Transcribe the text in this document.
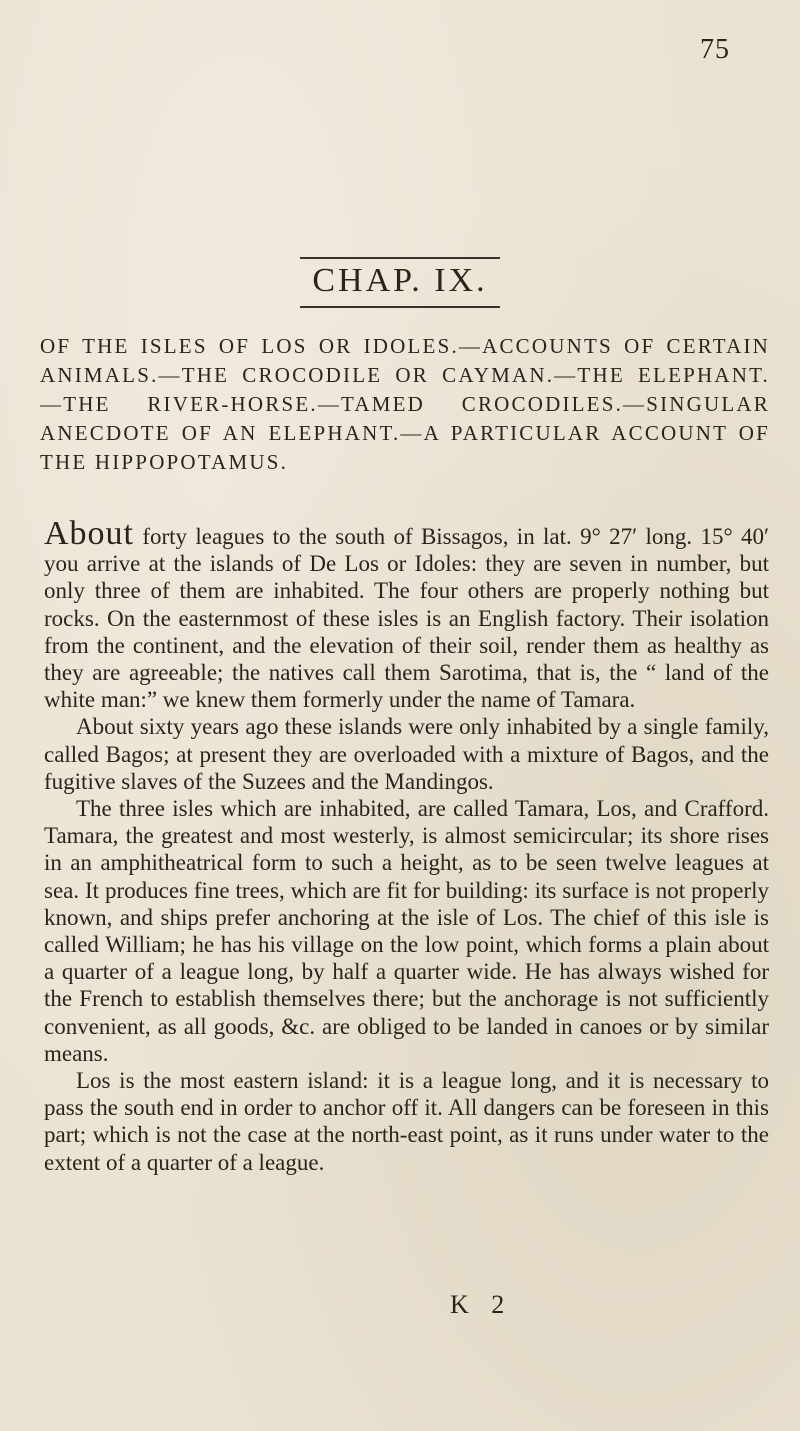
75
CHAP. IX.
OF THE ISLES OF LOS OR IDOLES.—ACCOUNTS OF CERTAIN ANIMALS.—THE CROCODILE OR CAYMAN.—THE ELEPHANT.—THE RIVER-HORSE.—TAMED CROCODILES.—SINGULAR ANECDOTE OF AN ELEPHANT.—A PARTICULAR ACCOUNT OF THE HIPPOPOTAMUS.

About forty leagues to the south of Bissagos, in lat. 9° 27′ long. 15° 40′ you arrive at the islands of De Los or Idoles: they are seven in number, but only three of them are inhabited. The four others are properly nothing but rocks. On the easternmost of these isles is an English factory. Their isolation from the continent, and the elevation of their soil, render them as healthy as they are agreeable; the natives call them Sarotima, that is, the “ land of the white man:” we knew them formerly under the name of Tamara.

About sixty years ago these islands were only inhabited by a single family, called Bagos; at present they are overloaded with a mixture of Bagos, and the fugitive slaves of the Suzees and the Mandingos.

The three isles which are inhabited, are called Tamara, Los, and Crafford. Tamara, the greatest and most westerly, is almost semicircular; its shore rises in an amphitheatrical form to such a height, as to be seen twelve leagues at sea. It produces fine trees, which are fit for building: its surface is not properly known, and ships prefer anchoring at the isle of Los. The chief of this isle is called William; he has his village on the low point, which forms a plain about a quarter of a league long, by half a quarter wide. He has always wished for the French to establish themselves there; but the anchorage is not sufficiently convenient, as all goods, &c. are obliged to be landed in canoes or by similar means.

Los is the most eastern island: it is a league long, and it is necessary to pass the south end in order to anchor off it. All dangers can be foreseen in this part; which is not the case at the north-east point, as it runs under water to the extent of a quarter of a league.

K 2
